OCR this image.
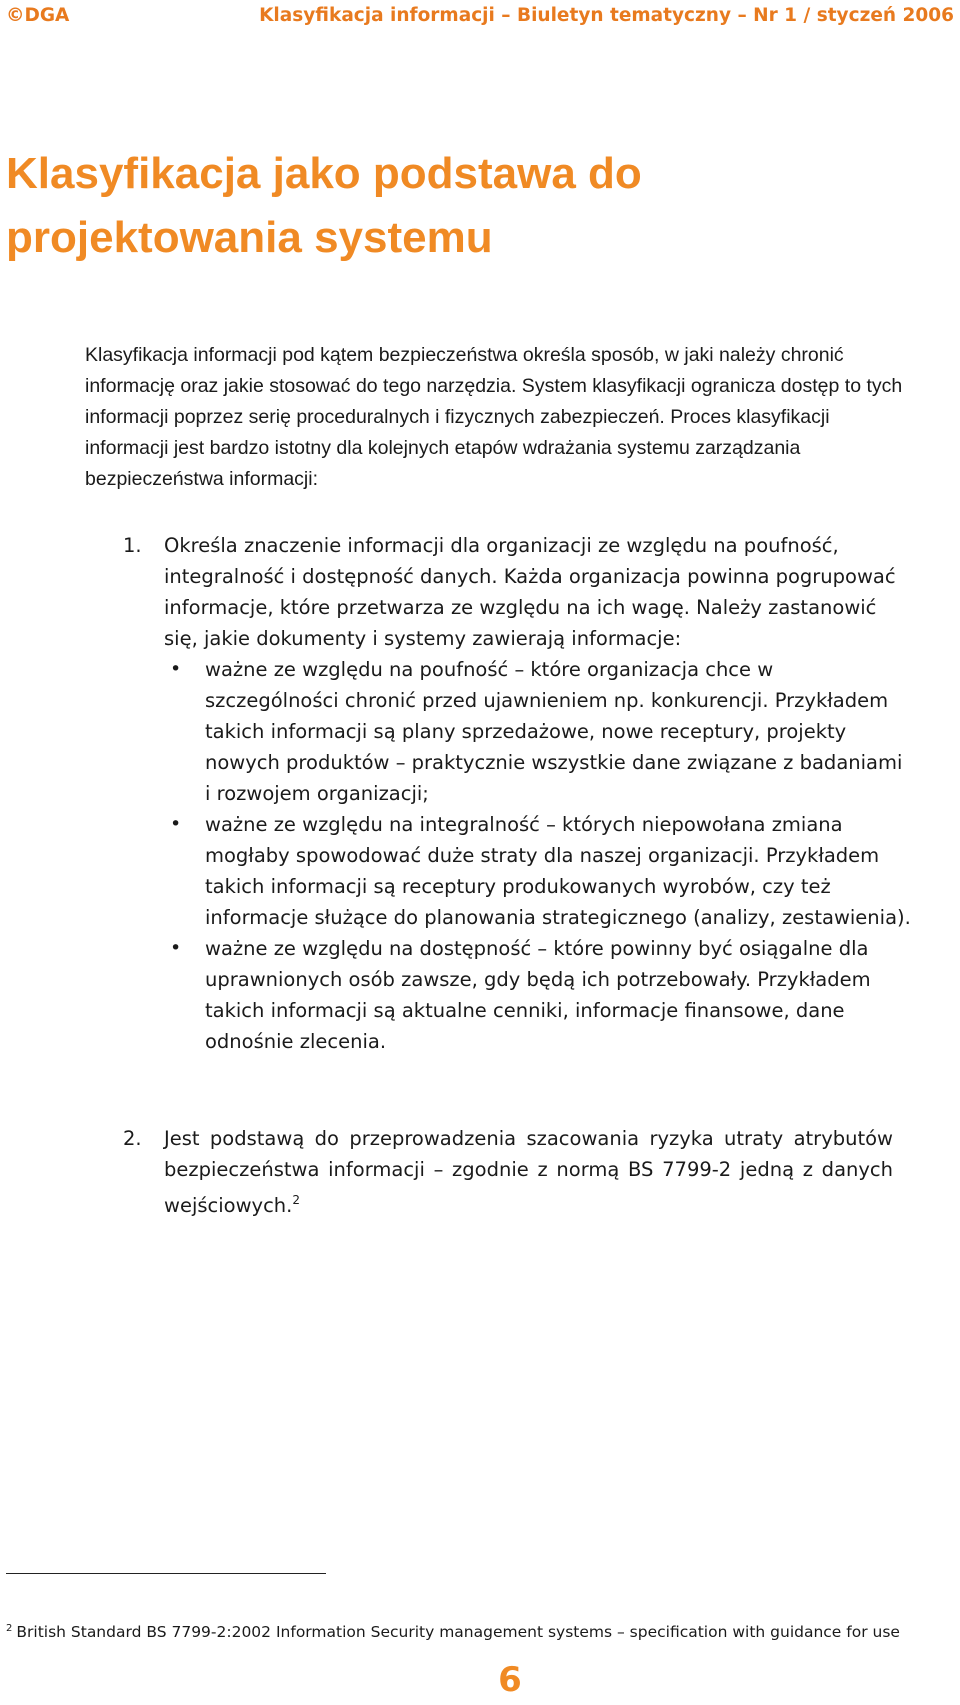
©DGA	Klasyfikacja informacji – Biuletyn tematyczny – Nr 1 / styczeń 2006
Klasyfikacja jako podstawa do
projektowania systemu

Klasyfikacja informacji pod kątem bezpieczeństwa określa sposób, w jaki należy chronić informację oraz jakie stosować do tego narzędzia. System klasyfikacji ogranicza dostęp to tych informacji poprzez serię proceduralnych i fizycznych zabezpieczeń. Proces klasyfikacji informacji jest bardzo istotny dla kolejnych etapów wdrażania systemu zarządzania bezpieczeństwa informacji:

1. Określa znaczenie informacji dla organizacji ze względu na poufność, integralność i dostępność danych. Każda organizacja powinna pogrupować informacje, które przetwarza ze względu na ich wagę. Należy zastanowić się, jakie dokumenty i systemy zawierają informacje:
• ważne ze względu na poufność – które organizacja chce w szczególności chronić przed ujawnieniem np. konkurencji. Przykładem takich informacji są plany sprzedażowe, nowe receptury, projekty nowych produktów – praktycznie wszystkie dane związane z badaniami i rozwojem organizacji;
• ważne ze względu na integralność – których niepowołana zmiana mogłaby spowodować duże straty dla naszej organizacji. Przykładem takich informacji są receptury produkowanych wyrobów, czy też informacje służące do planowania strategicznego (analizy, zestawienia).
• ważne ze względu na dostępność – które powinny być osiągalne dla uprawnionych osób zawsze, gdy będą ich potrzebowały. Przykładem takich informacji są aktualne cenniki, informacje finansowe, dane odnośnie zlecenia.
2. Jest podstawą do przeprowadzenia szacowania ryzyka utraty atrybutów bezpieczeństwa informacji – zgodnie z normą BS 7799-2 jedną z danych wejściowych.$^2$

$^2$ British Standard BS 7799-2:2002 Information Security management systems – specification with guidance for use

6
